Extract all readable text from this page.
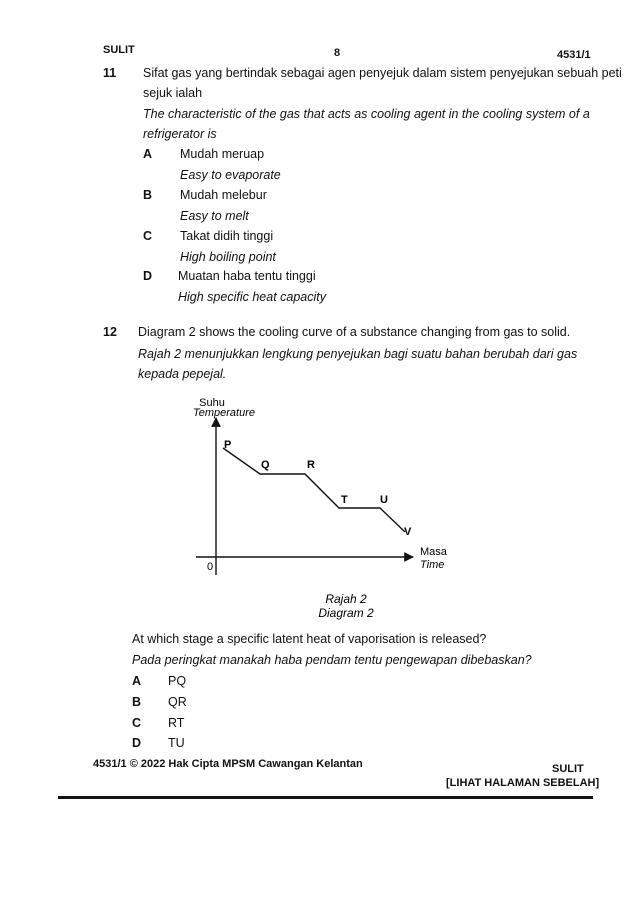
SULIT	8	4531/1
11 Sifat gas yang bertindak sebagai agen penyejuk dalam sistem penyejukan sebuah peti
sejuk ialah
The characteristic of the gas that acts as cooling agent in the cooling system of a
refrigerator is
A Mudah meruap
Easy to evaporate
B Mudah melebur
Easy to melt
C Takat didih tinggi
High boiling point
D Muatan haba tentu tinggi
High specific heat capacity
12 Diagram 2 shows the cooling curve of a substance changing from gas to solid.
Rajah 2 menunjukkan lengkung penyejukan bagi suatu bahan berubah dari gas
kepada pepejal.
Suhu
Temperature
P
Q	R
T	U
V
0
Masa
Time
Rajah 2
Diagram 2
At which stage a specific latent heat of vaporisation is released?
Pada peringkat manakah haba pendam tentu pengewapan dibebaskan?
A PQ
B QR
C RT
D TU
4531/1 © 2022 Hak Cipta MPSM Cawangan Kelantan	SULIT
[LIHAT HALAMAN SEBELAH]
